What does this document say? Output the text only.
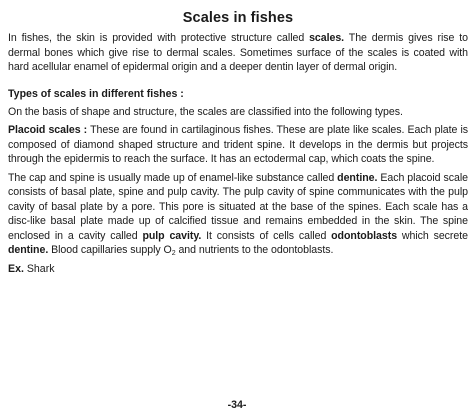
Scales in fishes

In fishes, the skin is provided with protective structure called scales. The dermis gives rise to dermal bones which give rise to dermal scales. Sometimes surface of the scales is coated with hard acellular enamel of epidermal origin and a deeper dentin layer of dermal origin.

Types of scales in different fishes :

On the basis of shape and structure, the scales are classified into the following types.

Placoid scales : These are found in cartilaginous fishes. These are plate like scales. Each plate is composed of diamond shaped structure and trident spine. It develops in the dermis but projects through the epidermis to reach the surface. It has an ectodermal cap, which coats the spine.

The cap and spine is usually made up of enamel-like substance called dentine. Each placoid scale consists of basal plate, spine and pulp cavity. The pulp cavity of spine communicates with the pulp cavity of basal plate by a pore. This pore is situated at the base of the spines. Each scale has a disc-like basal plate made up of calcified tissue and remains embedded in the skin. The spine enclosed in a cavity called pulp cavity. It consists of cells called odontoblasts which secrete dentine. Blood capillaries supply $O_2$ and nutrients to the odontoblasts.

Ex. Shark
-34-
